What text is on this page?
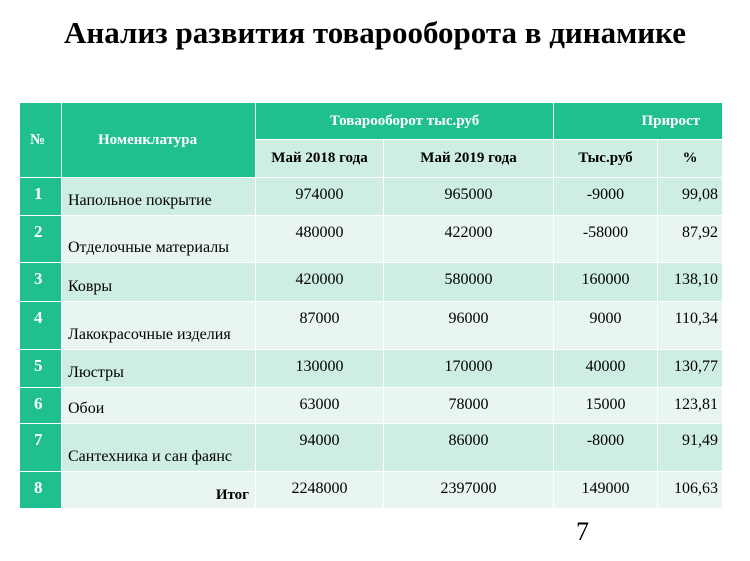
Анализ развития товарооборота в динамике
№	Номенклатура	Товарооборот тыс.руб		Прирост	
		Май 2018 года	Май 2019 года	Тыс.руб	%
1	Напольное покрытие	974000	965000	-9000	99,08
2	Отделочные материалы	480000	422000	-58000	87,92
3	Ковры	420000	580000	160000	138,10
4	Лакокрасочные изделия	87000	96000	9000	110,34
5	Люстры	130000	170000	40000	130,77
6	Обои	63000	78000	15000	123,81
7	Сантехника и сан фаянс	94000	86000	-8000	91,49
8	Итог	2248000	2397000	149000	106,63
7
